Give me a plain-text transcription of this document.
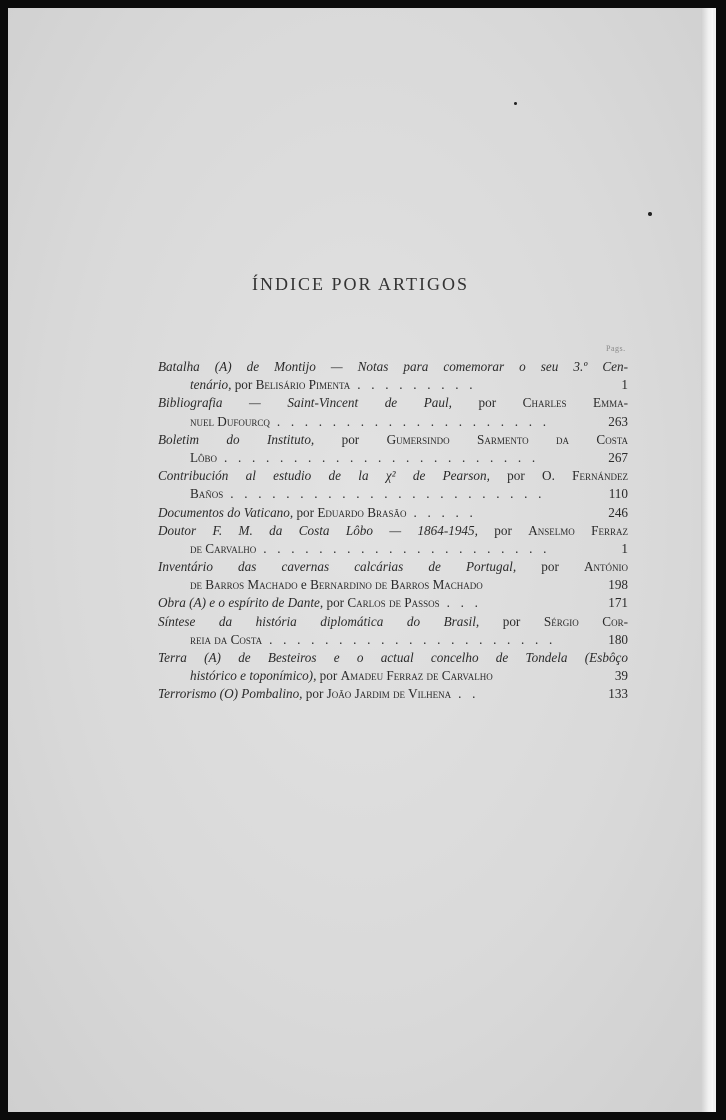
ÍNDICE POR ARTIGOS
Pags.
Batalha (A) de Montijo — Notas para comemorar o seu 3.º Cen-
tenário, por Belisário Pimenta . . . . . . . . .	1
Bibliografia — Saint-Vincent de Paul, por Charles Emma-
nuel Dufourcq . . . . . . . . . . . . . . . . . . . .	263
Boletim do Instituto, por Gumersindo Sarmento da Costa
Lôbo . . . . . . . . . . . . . . . . . . . . . . .	267
Contribución al estudio de la χ² de Pearson, por O. Fernández
Baños . . . . . . . . . . . . . . . . . . . . . . .	110
Documentos do Vaticano, por Eduardo Brasão . . . . .	246
Doutor F. M. da Costa Lôbo — 1864-1945, por Anselmo Ferraz
de Carvalho . . . . . . . . . . . . . . . . . . . . .	1
Inventário das cavernas calcárias de Portugal, por António
de Barros Machado e Bernardino de Barros Machado	198
Obra (A) e o espírito de Dante, por Carlos de Passos . . .	171
Síntese da história diplomática do Brasil, por Sérgio Cor-
reia da Costa . . . . . . . . . . . . . . . . . . . . .	180
Terra (A) de Besteiros e o actual concelho de Tondela (Esbôço
histórico e toponímico), por Amadeu Ferraz de Carvalho	39
Terrorismo (O) Pombalino, por João Jardim de Vilhena . .	133
